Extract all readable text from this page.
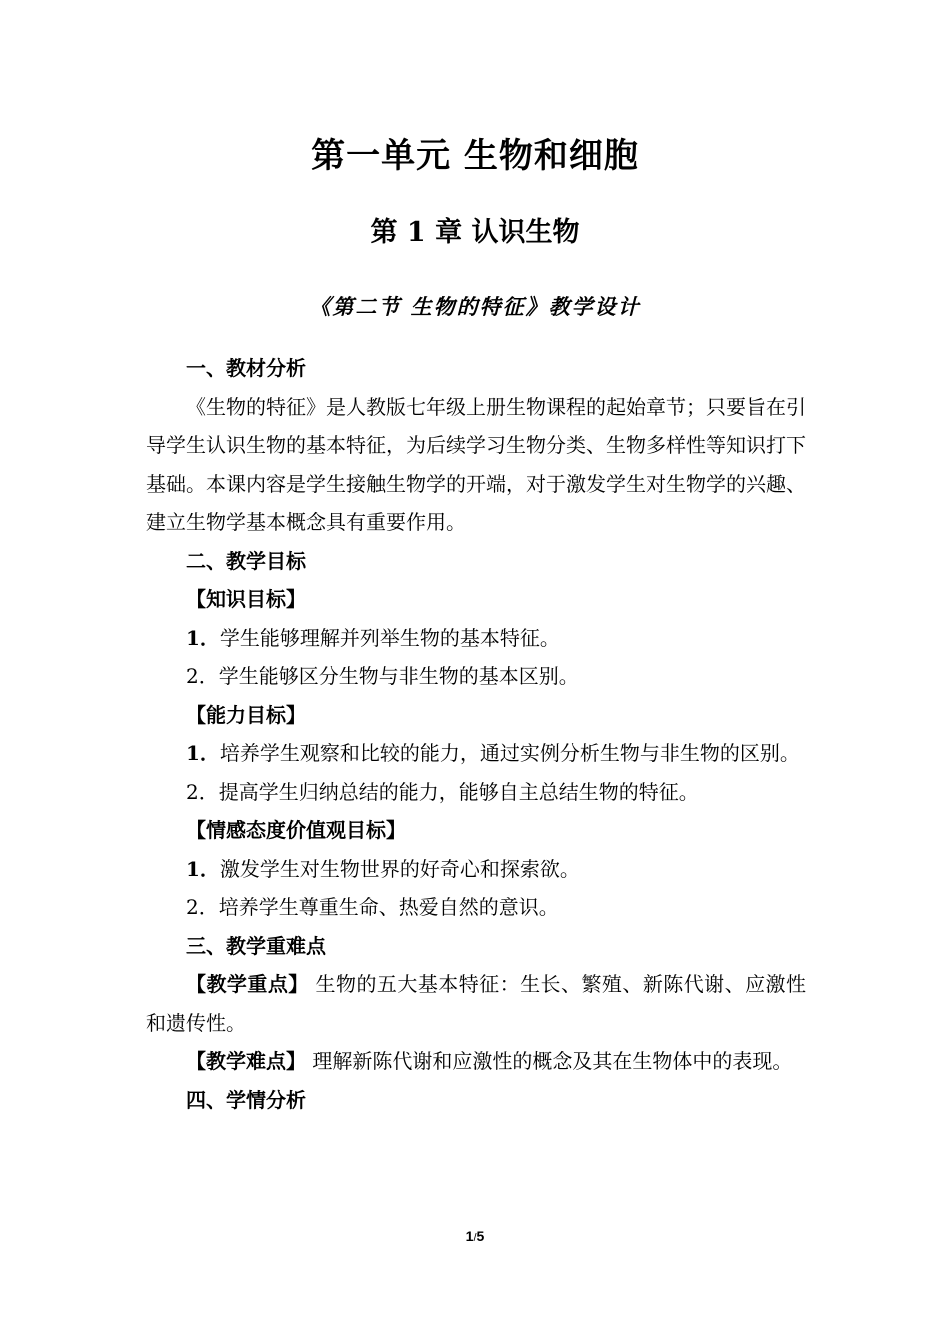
第一单元 生物和细胞
第 1 章 认识生物
《第二节 生物的特征》教学设计

一、教材分析

《生物的特征》是人教版七年级上册生物课程的起始章节；只要旨在引导学生认识生物的基本特征，为后续学习生物分类、生物多样性等知识打下基础。本课内容是学生接触生物学的开端，对于激发学生对生物学的兴趣、建立生物学基本概念具有重要作用。

二、教学目标

【知识目标】

1．学生能够理解并列举生物的基本特征。

2．学生能够区分生物与非生物的基本区别。

【能力目标】

1．培养学生观察和比较的能力，通过实例分析生物与非生物的区别。

2．提高学生归纳总结的能力，能够自主总结生物的特征。

【情感态度价值观目标】

1．激发学生对生物世界的好奇心和探索欲。

2．培养学生尊重生命、热爱自然的意识。

三、教学重难点

【教学重点】 生物的五大基本特征：生长、繁殖、新陈代谢、应激性和遗传性。

【教学难点】 理解新陈代谢和应激性的概念及其在生物体中的表现。

四、学情分析

1/5
